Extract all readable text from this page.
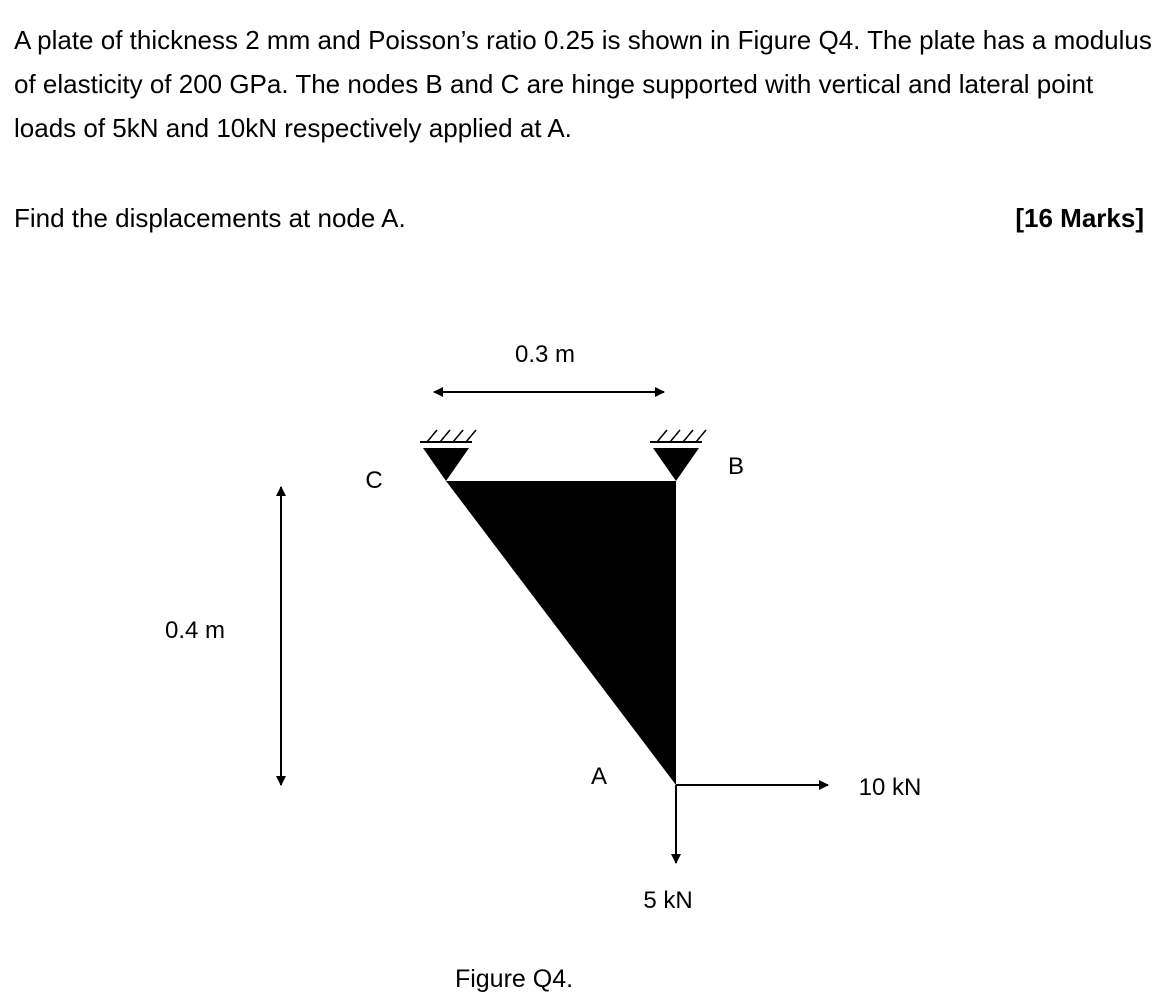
A plate of thickness 2 mm and Poisson’s ratio 0.25 is shown in Figure Q4. The plate has a modulus of elasticity of 200 GPa. The nodes B and C are hinge supported with vertical and lateral point loads of 5kN and 10kN respectively applied at A.

Find the displacements at node A.	[16 Marks]
0.3 m
0.4 m
C
B
A	10 kN
5 kN
Figure Q4.
